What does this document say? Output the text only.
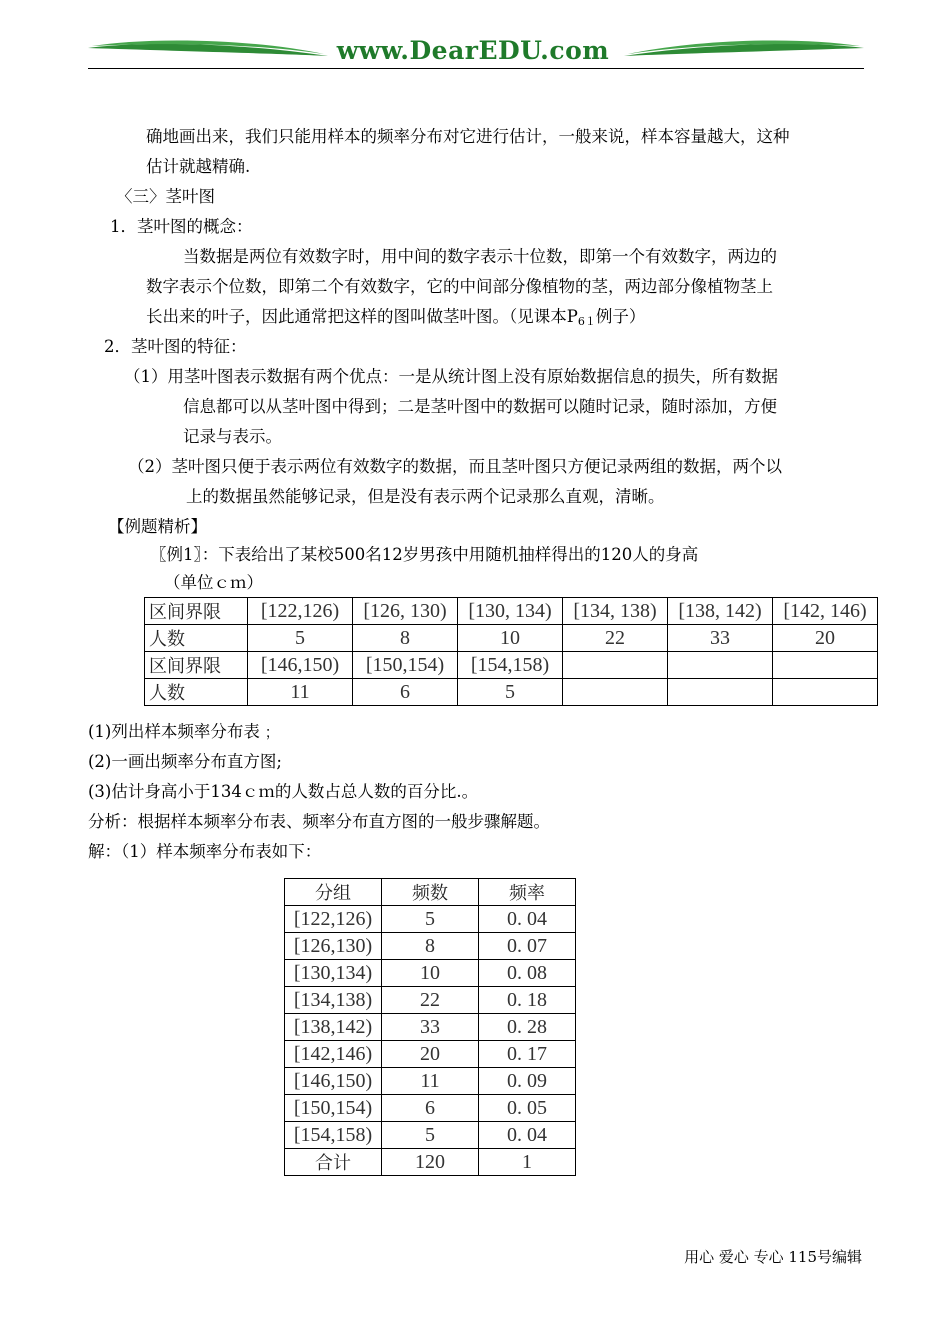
www.DearEDU.com
确地画出来，我们只能用样本的频率分布对它进行估计，一般来说，样本容量越大，这种
估计就越精确.
〈三〉茎叶图
1．茎叶图的概念：
当数据是两位有效数字时，用中间的数字表示十位数，即第一个有效数字，两边的
数字表示个位数，即第二个有效数字，它的中间部分像植物的茎，两边部分像植物茎上
长出来的叶子，因此通常把这样的图叫做茎叶图。（见课本$P_{61}$例子）
2．茎叶图的特征：
（1）用茎叶图表示数据有两个优点：一是从统计图上没有原始数据信息的损失，所有数据
信息都可以从茎叶图中得到；二是茎叶图中的数据可以随时记录，随时添加，方便
记录与表示。
（2）茎叶图只便于表示两位有效数字的数据，而且茎叶图只方便记录两组的数据，两个以
上的数据虽然能够记录，但是没有表示两个记录那么直观，清晰。
【例题精析】
〖例1〗：下表给出了某校500名12岁男孩中用随机抽样得出的120人的身高
（单位ｃｍ）
区间界限	[122,126)	[126, 130)	[130, 134)	[134, 138)	[138, 142)	[142, 146)
人数	5	8	10	22	33	20
区间界限	[146,150)	[150,154)	[154,158)			
人数	11	6	5			
(1)列出样本频率分布表﹔
(2)一画出频率分布直方图;
(3)估计身高小于134ｃｍ的人数占总人数的百分比.。
分析：根据样本频率分布表、频率分布直方图的一般步骤解题。
解：（1）样本频率分布表如下：
分组	频数	频率
[122,126)	5	0. 04
[126,130)	8	0. 07
[130,134)	10	0. 08
[134,138)	22	0. 18
[138,142)	33	0. 28
[142,146)	20	0. 17
[146,150)	11	0. 09
[150,154)	6	0. 05
[154,158)	5	0. 04
合计	120	1
用心 爱心 专心 115号编辑
